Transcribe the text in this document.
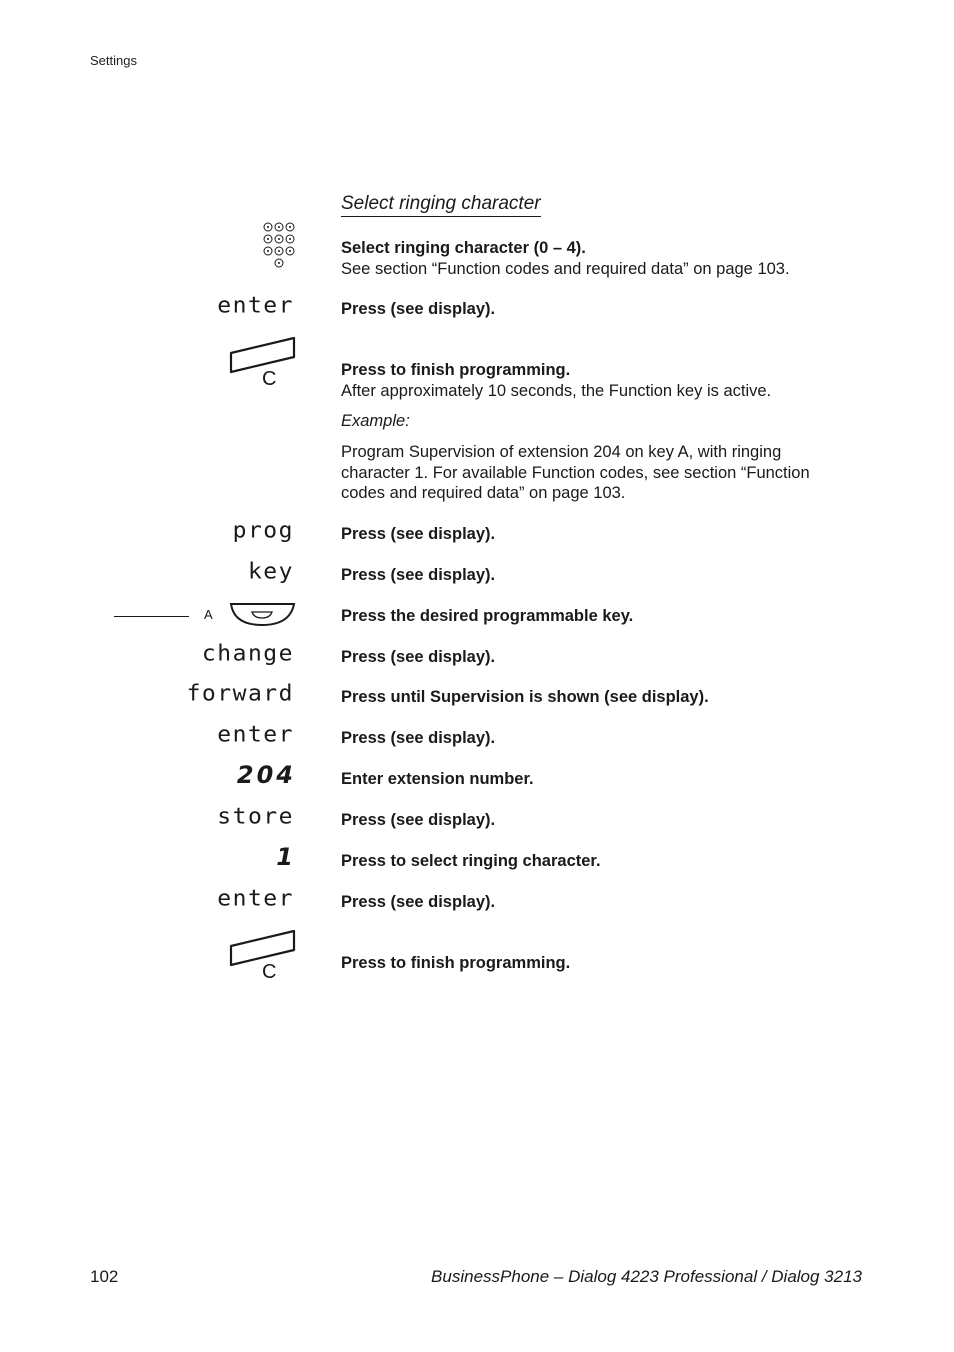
Settings
Select ringing character
Select ringing character (0 – 4).
See section “Function codes and required data” on page 103.
enter	Press (see display).
C	Press to finish programming.
After approximately 10 seconds, the Function key is active.
Example:
Program Supervision of extension 204 on key A, with ringing character 1. For available Function codes, see section “Function codes and required data” on page 103.
prog	Press (see display).
key	Press (see display).
A	Press the desired programmable key.
change	Press (see display).
forward	Press until Supervision is shown (see display).
enter	Press (see display).
204	Enter extension number.
store	Press (see display).
1	Press to select ringing character.
enter	Press (see display).
C	Press to finish programming.
102	BusinessPhone – Dialog 4223 Professional / Dialog 3213
